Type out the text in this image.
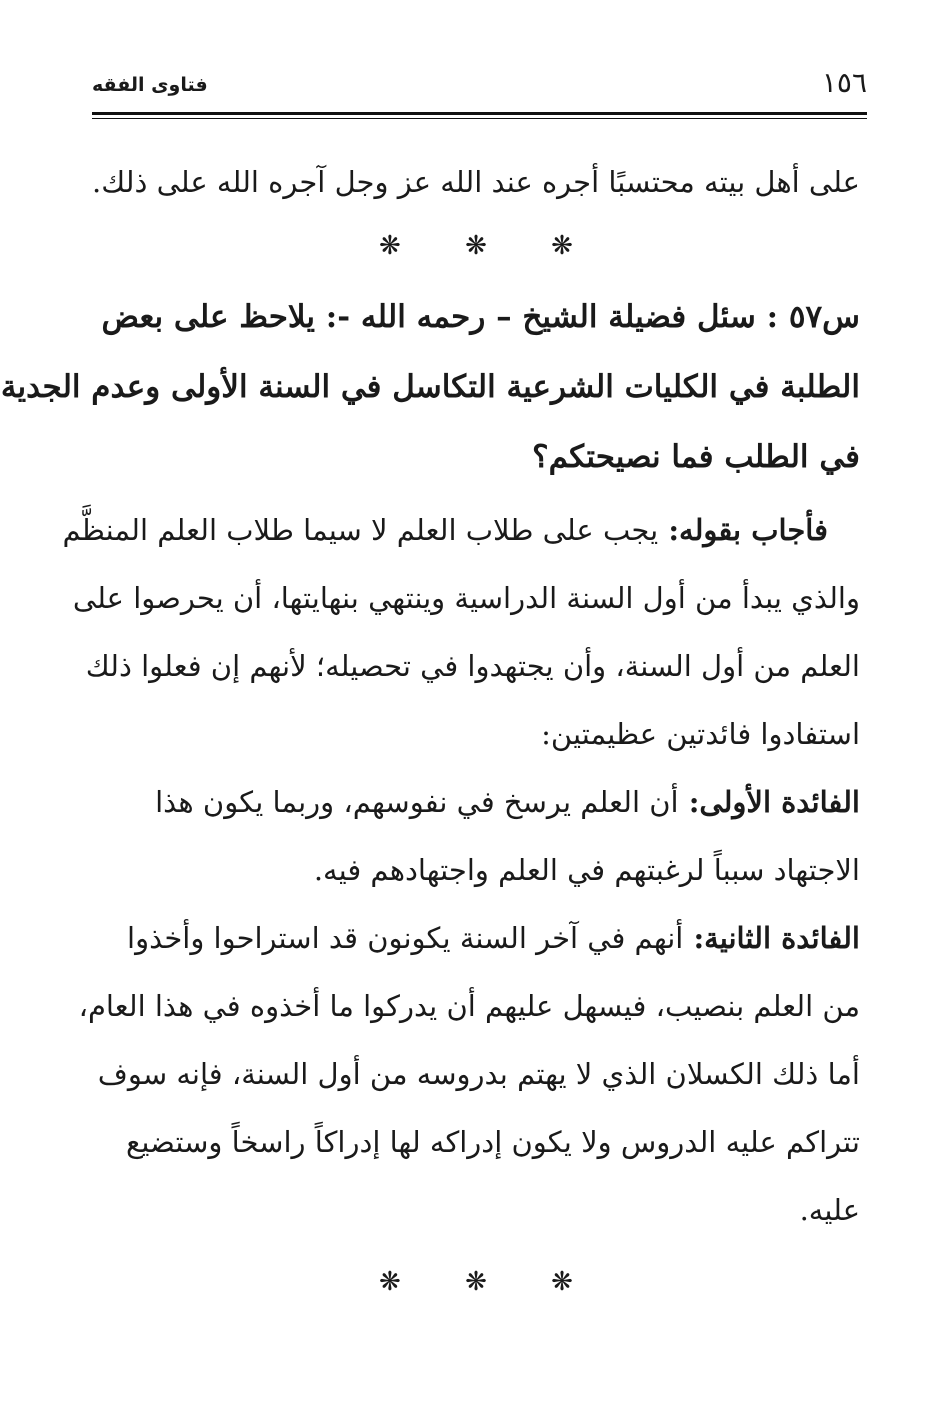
فتاوى الفقه	١٥٦
على أهل بيته محتسبًا أجره عند الله عز وجل آجره الله على ذلك.
❋ ❋ ❋
س٥٧ : سئل فضيلة الشيخ – رحمه الله -: يلاحظ على بعض
الطلبة في الكليات الشرعية التكاسل في السنة الأولى وعدم الجدية
في الطلب فما نصيحتكم؟
فأجاب بقوله: يجب على طلاب العلم لا سيما طلاب العلم المنظَّم
والذي يبدأ من أول السنة الدراسية وينتهي بنهايتها، أن يحرصوا على
العلم من أول السنة، وأن يجتهدوا في تحصيله؛ لأنهم إن فعلوا ذلك
استفادوا فائدتين عظيمتين:
الفائدة الأولى: أن العلم يرسخ في نفوسهم، وربما يكون هذا
الاجتهاد سبباً لرغبتهم في العلم واجتهادهم فيه.
الفائدة الثانية: أنهم في آخر السنة يكونون قد استراحوا وأخذوا
من العلم بنصيب، فيسهل عليهم أن يدركوا ما أخذوه في هذا العام،
أما ذلك الكسلان الذي لا يهتم بدروسه من أول السنة، فإنه سوف
تتراكم عليه الدروس ولا يكون إدراكه لها إدراكاً راسخاً وستضيع
عليه.
❋ ❋ ❋
